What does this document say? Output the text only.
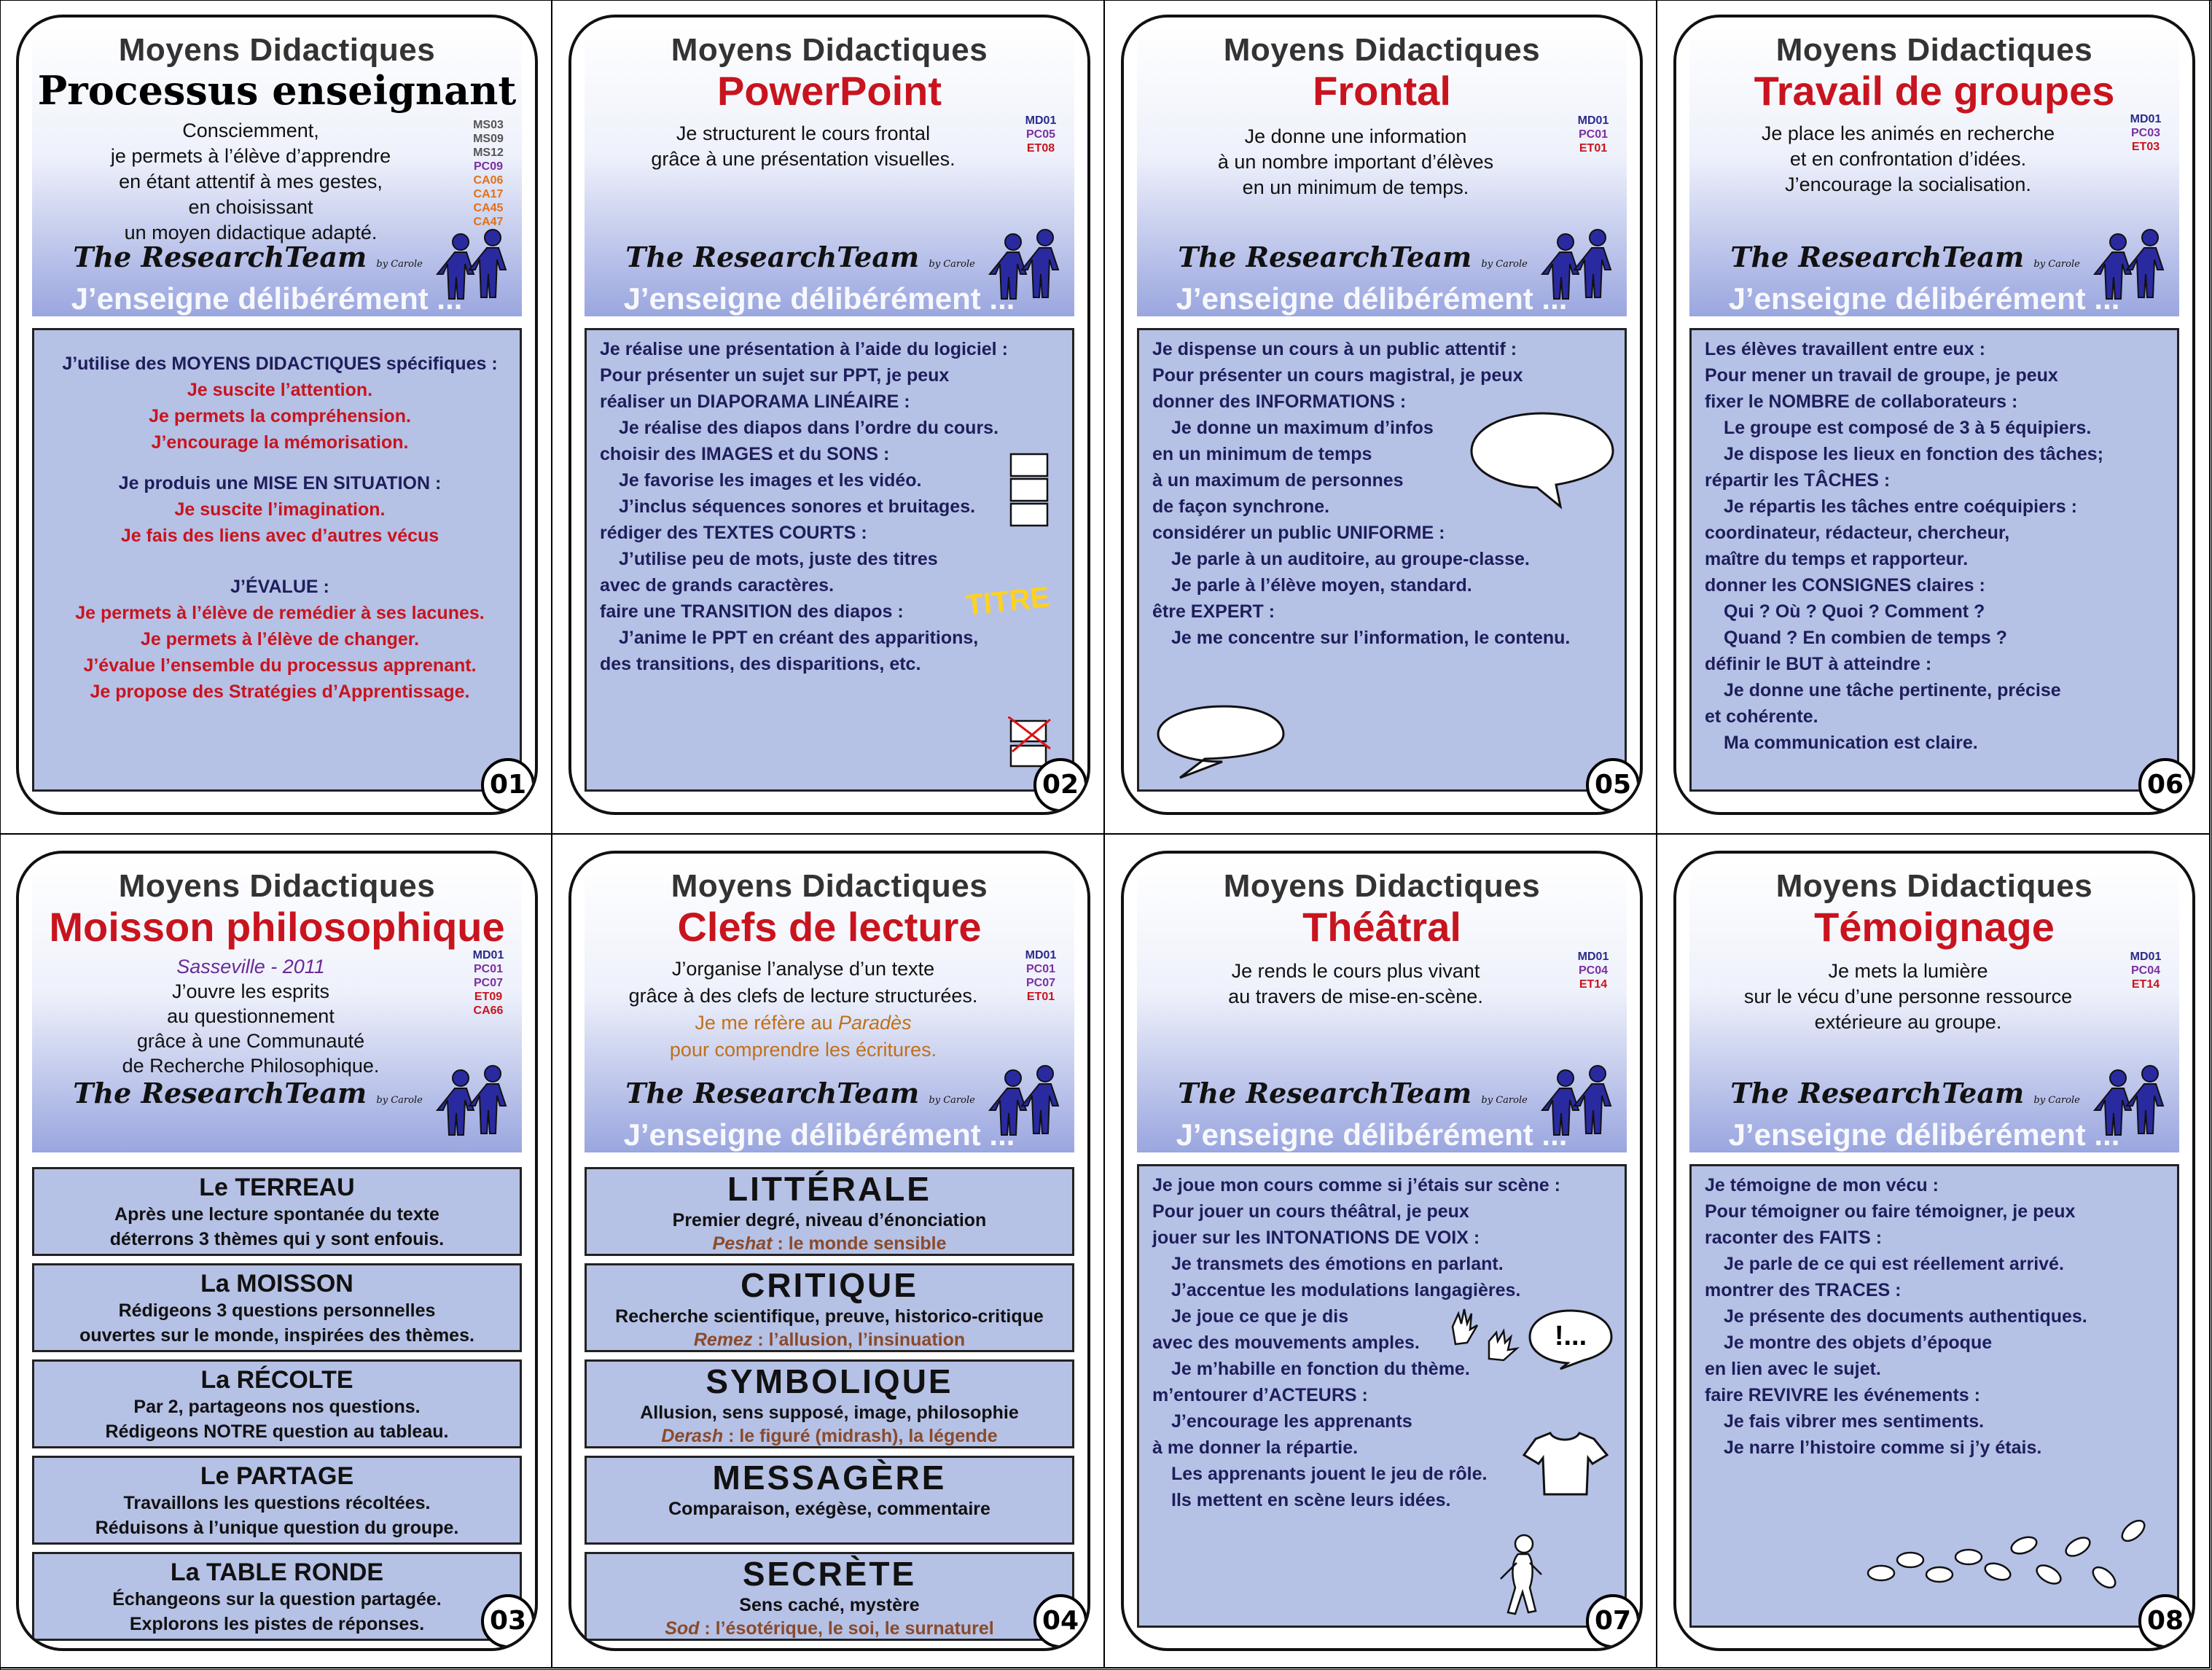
Moyens Didactiques
Processus enseignant
Consciemment,
je permets à l’élève d’apprendre
en étant attentif à mes gestes,
en choisissant
un moyen didactique adapté.
MS03
MS09
MS12
PC09
CA06
CA17
CA45
CA47
The ResearchTeam by Carole
J’enseigne délibérément ...
J’utilise des MOYENS DIDACTIQUES spécifiques :
Je suscite l’attention.
Je permets la compréhension.
J’encourage la mémorisation.
Je produis une MISE EN SITUATION :
Je suscite l’imagination.
Je fais des liens avec d’autres vécus
J’ÉVALUE :
Je permets à l’élève de remédier à ses lacunes.
Je permets à l’élève de changer.
J’évalue l’ensemble du processus apprenant.
Je propose des Stratégies d’Apprentissage.
01
Moyens Didactiques
PowerPoint
Je structurent le cours frontal
grâce à une présentation visuelles.
MD01
PC05
ET08
The ResearchTeam by Carole
J’enseigne délibérément ...
Je réalise une présentation à l’aide du logiciel :
Pour présenter un sujet sur PPT, je peux
réaliser un DIAPORAMA LINÉAIRE :
Je réalise des diapos dans l’ordre du cours.
choisir des IMAGES et du SONS :
Je favorise les images et les vidéo.
J’inclus séquences sonores et bruitages.
rédiger des TEXTES COURTS :
J’utilise peu de mots, juste des titres
avec de grands caractères.
faire une TRANSITION des diapos :
J’anime le PPT en créant des apparitions,
des transitions, des disparitions, etc.
TITRE
02
Moyens Didactiques
Frontal
Je donne une information
à un nombre important d’élèves
en un minimum de temps.
MD01
PC01
ET01
The ResearchTeam by Carole
J’enseigne délibérément ...
Je dispense un cours à un public attentif :
Pour présenter un cours magistral, je peux
donner des INFORMATIONS :
Je donne un maximum d’infos
en un minimum de temps
à un maximum de personnes
de façon synchrone.
considérer un public UNIFORME :
Je parle à un auditoire, au groupe-classe.
Je parle à l’élève moyen, standard.
être EXPERT :
Je me concentre sur l’information, le contenu.
05
Moyens Didactiques
Travail de groupes
Je place les animés en recherche
et en confrontation d’idées.
J’encourage la socialisation.
MD01
PC03
ET03
The ResearchTeam by Carole
J’enseigne délibérément ...
Les élèves travaillent entre eux :
Pour mener un travail de groupe, je peux
fixer le NOMBRE de collaborateurs :
Le groupe est composé de 3 à 5 équipiers.
Je dispose les lieux en fonction des tâches;
répartir les TÂCHES :
Je répartis les tâches entre coéquipiers :
coordinateur, rédacteur, chercheur,
maître du temps et rapporteur.
donner les CONSIGNES claires :
Qui ? Où ? Quoi ? Comment ?
Quand ? En combien de temps ?
définir le BUT à atteindre :
Je donne une tâche pertinente, précise
et cohérente.
Ma communication est claire.
06
Moyens Didactiques
Moisson philosophique
Sasseville - 2011
J’ouvre les esprits
au questionnement
grâce à une Communauté
de Recherche Philosophique.
MD01
PC01
PC07
ET09
CA66
The ResearchTeam by Carole
Le TERREAU
Après une lecture spontanée du texte
déterrons 3 thèmes qui y sont enfouis.
La MOISSON
Rédigeons 3 questions personnelles
ouvertes sur le monde, inspirées des thèmes.
La RÉCOLTE
Par 2, partageons nos questions.
Rédigeons NOTRE question au tableau.
Le PARTAGE
Travaillons les questions récoltées.
Réduisons à l’unique question du groupe.
La TABLE RONDE
Échangeons sur la question partagée.
Explorons les pistes de réponses.	03
Moyens Didactiques
Clefs de lecture
J’organise l’analyse d’un texte
grâce à des clefs de lecture structurées.
Je me réfère au Paradès
pour comprendre les écritures.
MD01
PC01
PC07
ET01
The ResearchTeam by Carole
J’enseigne délibérément ...
LITTÉRALE
Premier degré, niveau d’énonciation
Peshat : le monde sensible
CRITIQUE
Recherche scientifique, preuve, historico-critique
Remez : l’allusion, l’insinuation
SYMBOLIQUE
Allusion, sens supposé, image, philosophie
Derash : le figuré (midrash), la légende
MESSAGÈRE
Comparaison, exégèse, commentaire
SECRÈTE
Sens caché, mystère
Sod : l’ésotérique, le soi, le surnaturel	04
Moyens Didactiques
Théâtral
Je rends le cours plus vivant
au travers de mise-en-scène.
MD01
PC04
ET14
The ResearchTeam by Carole
J’enseigne délibérément ...
Je joue mon cours comme si j’étais sur scène :
Pour jouer un cours théâtral, je peux
jouer sur les INTONATIONS DE VOIX :
Je transmets des émotions en parlant.
J’accentue les modulations langagières.
Je joue ce que je dis
avec des mouvements amples.
Je m’habille en fonction du thème.
m’entourer d’ACTEURS :
J’encourage les apprenants
à me donner la répartie.
Les apprenants jouent le jeu de rôle.
Ils mettent en scène leurs idées.
!...
07
Moyens Didactiques
Témoignage
Je mets la lumière
sur le vécu d’une personne ressource
extérieure au groupe.
MD01
PC04
ET14
The ResearchTeam by Carole
J’enseigne délibérément ...
Je témoigne de mon vécu :
Pour témoigner ou faire témoigner, je peux
raconter des FAITS :
Je parle de ce qui est réellement arrivé.
montrer des TRACES :
Je présente des documents authentiques.
Je montre des objets d’époque
en lien avec le sujet.
faire REVIVRE les événements :
Je fais vibrer mes sentiments.
Je narre l’histoire comme si j’y étais.
08
